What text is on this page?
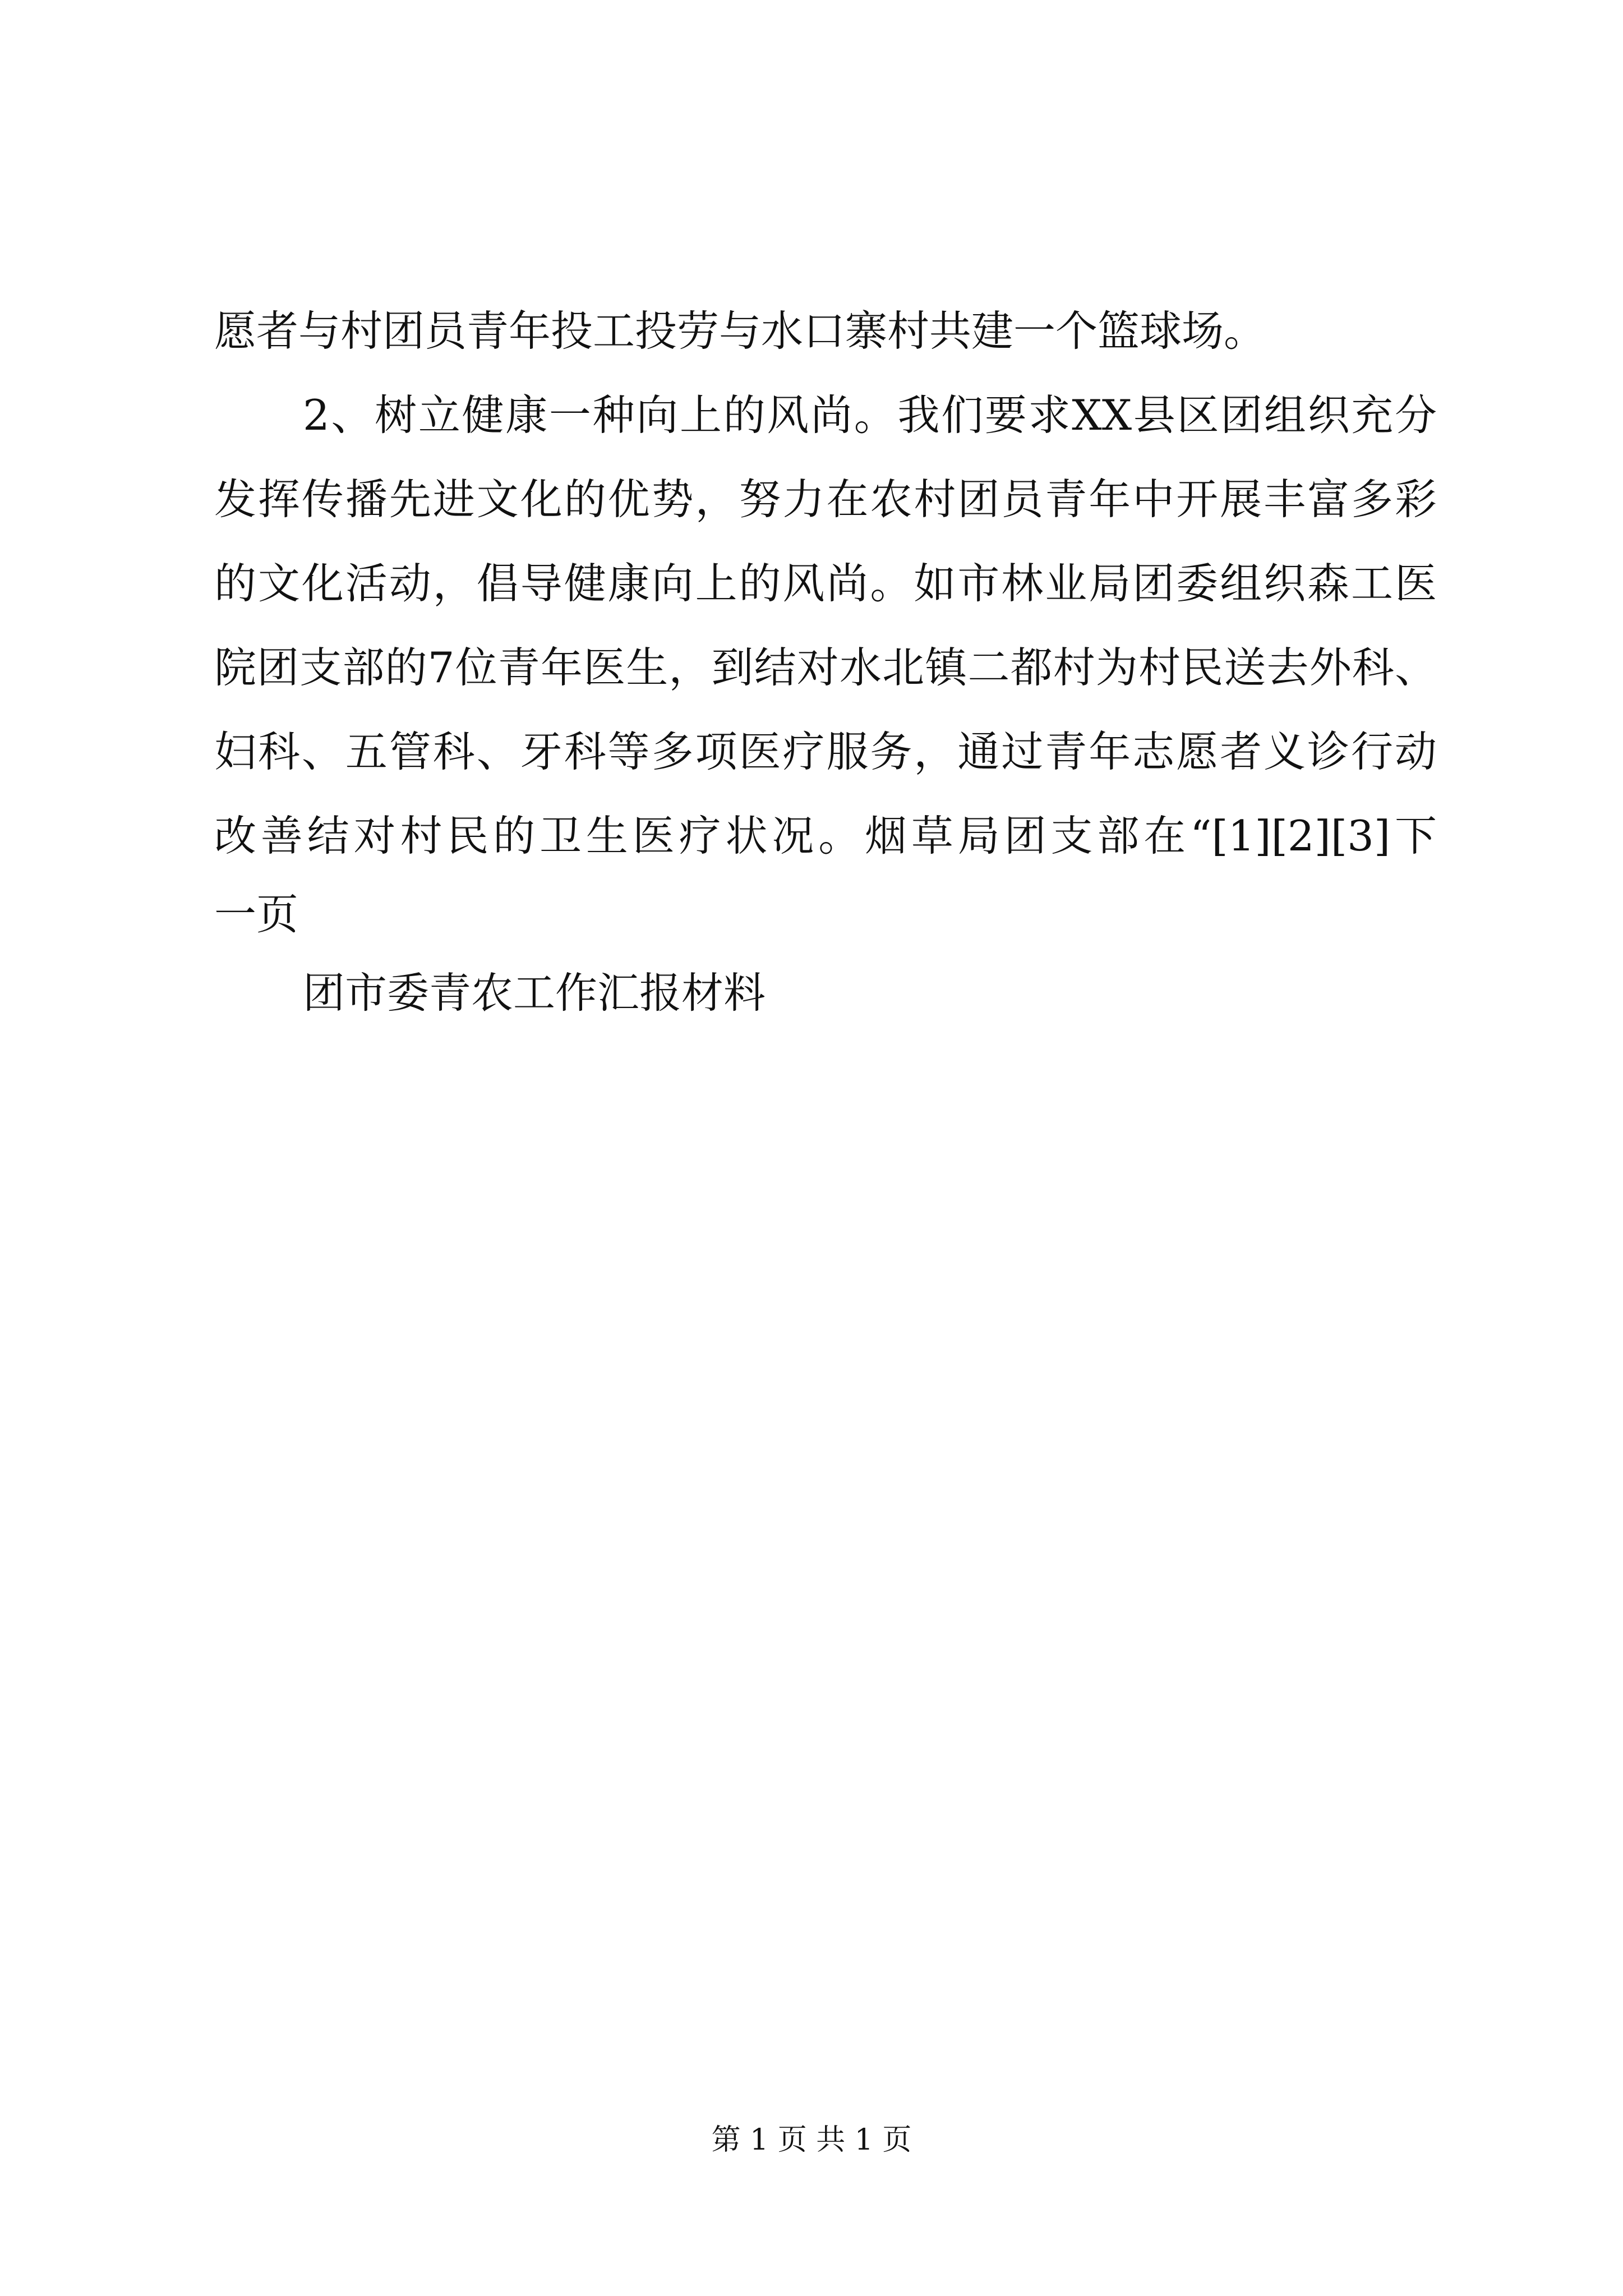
愿者与村团员青年投工投劳与水口寨村共建一个篮球场。
2、树立健康一种向上的风尚。我们要求XX县区团组织充分
发挥传播先进文化的优势，努力在农村团员青年中开展丰富多彩
的文化活动，倡导健康向上的风尚。如市林业局团委组织森工医
院团支部的7位青年医生，到结对水北镇二都村为村民送去外科、
妇科、五管科、牙科等多项医疗服务，通过青年志愿者义诊行动
改善结对村民的卫生医疗状况。烟草局团支部在“[1][2][3]下
一页
团市委青农工作汇报材料
第 1 页 共 1 页
